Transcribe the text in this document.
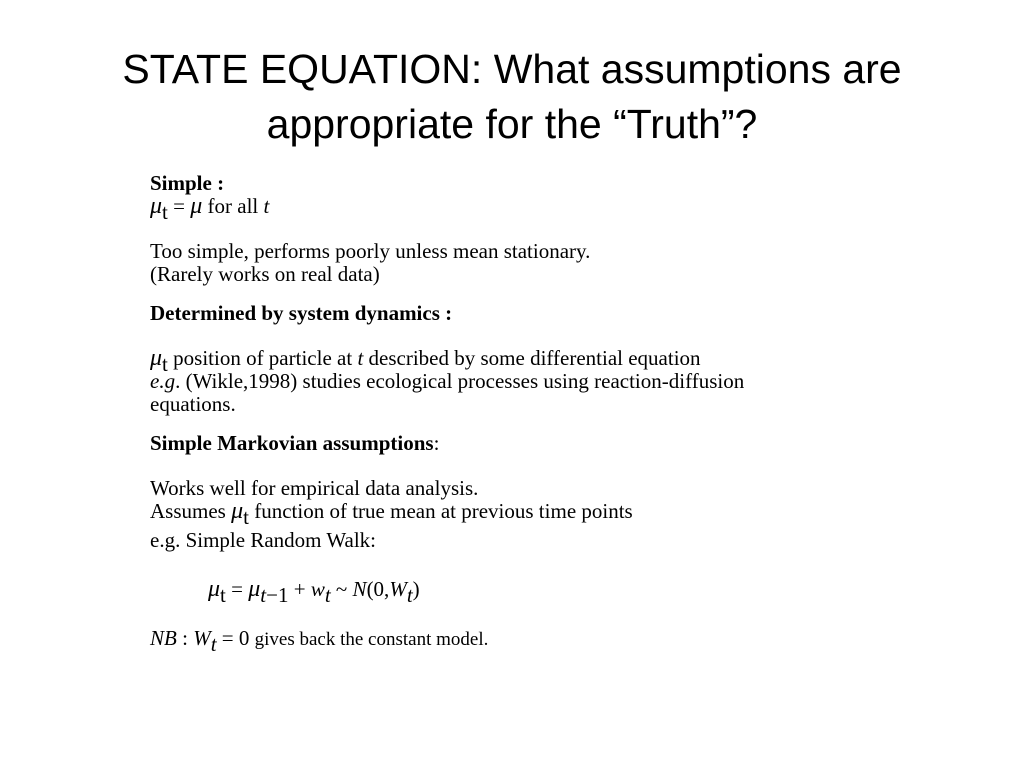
STATE EQUATION: What assumptions are
appropriate for the “Truth”?
Simple :
μt = μ for all t
Too simple, performs poorly unless mean stationary.
(Rarely works on real data)
Determined by system dynamics :
μt position of particle at t described by some differential equation
e.g. (Wikle,1998) studies ecological processes using reaction-diffusion
equations.
Simple Markovian assumptions:
Works well for empirical data analysis.
Assumes μt function of true mean at previous time points
e.g. Simple Random Walk:
μt = μt−1 + wt ~ N(0,Wt)
NB : Wt = 0 gives back the constant model.
